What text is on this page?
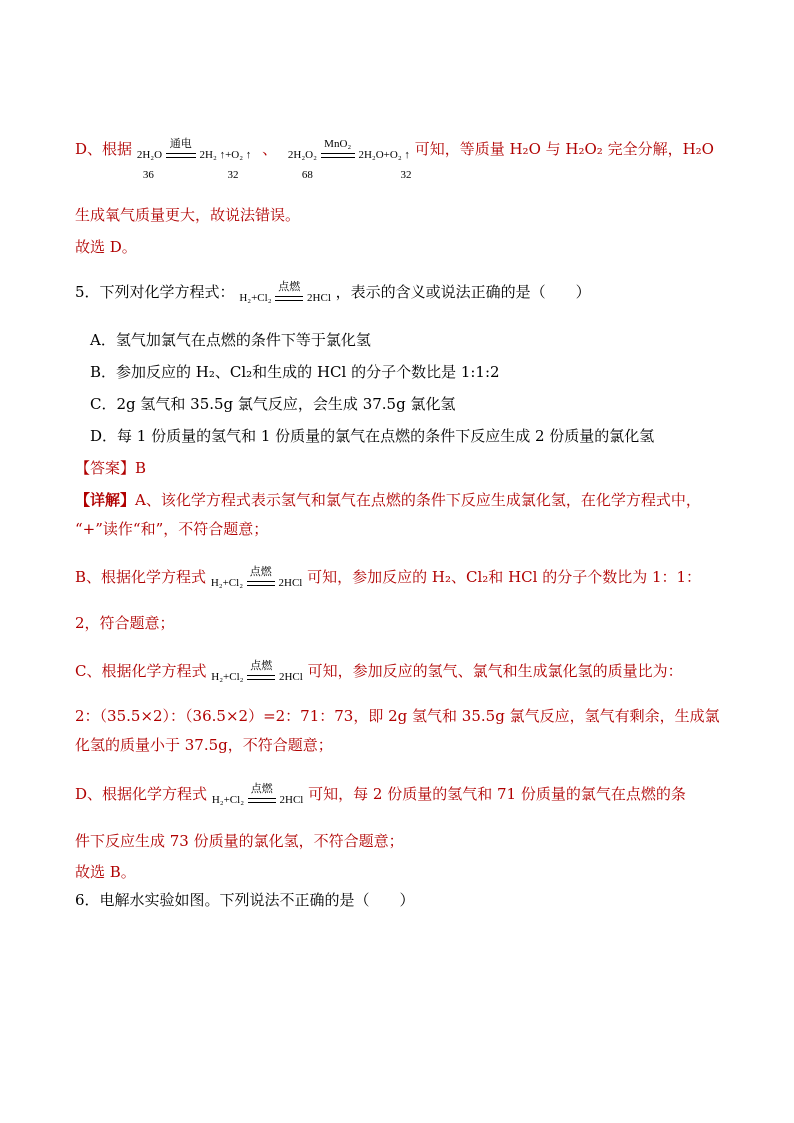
D、根据 2H₂O
36

通电
2H₂ ↑+O₂ ↑
32
、 2H₂O₂
68

MnO₂
2H₂O+O₂ ↑
32
可知，等质量 H₂O 与 H₂O₂ 完全分解，H₂O
生成氧气质量更大，故说法错误。
故选 D。
5．下列对化学方程式： H₂+Cl₂
点燃
2HCl ，表示的含义或说法正确的是（　　）
A．氢气加氯气在点燃的条件下等于氯化氢
B．参加反应的 H₂、Cl₂和生成的 HCl 的分子个数比是 1:1:2
C．2g 氢气和 35.5g 氯气反应，会生成 37.5g 氯化氢
D．每 1 份质量的氢气和 1 份质量的氯气在点燃的条件下反应生成 2 份质量的氯化氢
【答案】B
【详解】A、该化学方程式表示氢气和氯气在点燃的条件下反应生成氯化氢，在化学方程式中，
“+”读作“和”，不符合题意；
B、根据化学方程式 H₂+Cl₂
点燃
2HCl 可知，参加反应的 H₂、Cl₂和 HCl 的分子个数比为 1：1：
2，符合题意；
C、根据化学方程式 H₂+Cl₂
点燃
2HCl 可知，参加反应的氢气、氯气和生成氯化氢的质量比为：
2：（35.5×2）：（36.5×2）=2：71：73，即 2g 氢气和 35.5g 氯气反应，氢气有剩余，生成氯
化氢的质量小于 37.5g，不符合题意；
D、根据化学方程式 H₂+Cl₂
点燃
2HCl 可知，每 2 份质量的氢气和 71 份质量的氯气在点燃的条
件下反应生成 73 份质量的氯化氢，不符合题意；
故选 B。
6．电解水实验如图。下列说法不正确的是（　　）
